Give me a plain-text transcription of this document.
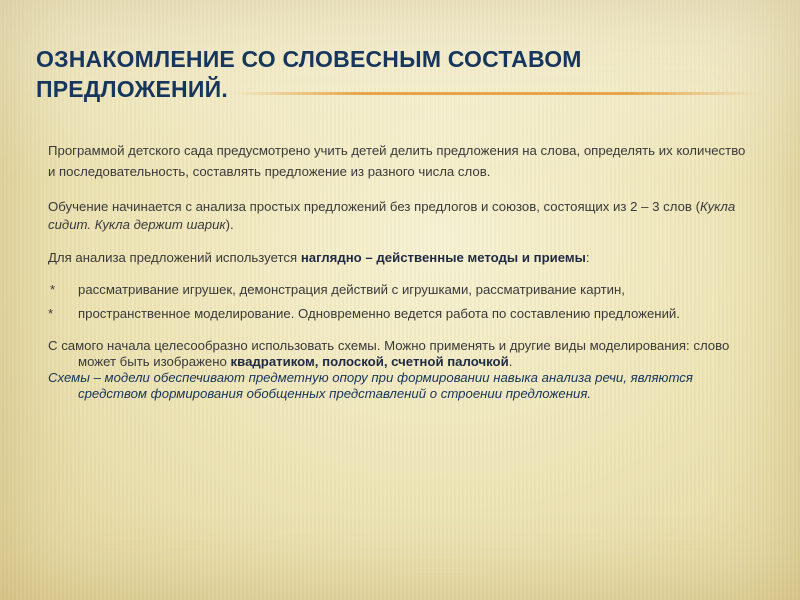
ОЗНАКОМЛЕНИЕ СО СЛОВЕСНЫМ СОСТАВОМ ПРЕДЛОЖЕНИЙ.

Программой детского сада предусмотрено учить детей делить предложения на слова, определять их количество и последовательность, составлять предложение из разного числа слов.

Обучение начинается с анализа простых предложений без предлогов и союзов, состоящих из 2 – 3 слов (Кукла сидит. Кукла держит шарик).

Для анализа предложений используется наглядно – действенные методы и приемы:

* рассматривание игрушек, демонстрация действий с игрушками, рассматривание картин,
* пространственное моделирование. Одновременно ведется работа по составлению предложений.

С самого начала целесообразно использовать схемы. Можно применять и другие виды моделирования: слово может быть изображено квадратиком, полоской, счетной палочкой.

Схемы – модели обеспечивают предметную опору при формировании навыка анализа речи, являются средством формирования обобщенных представлений о строении предложения.
